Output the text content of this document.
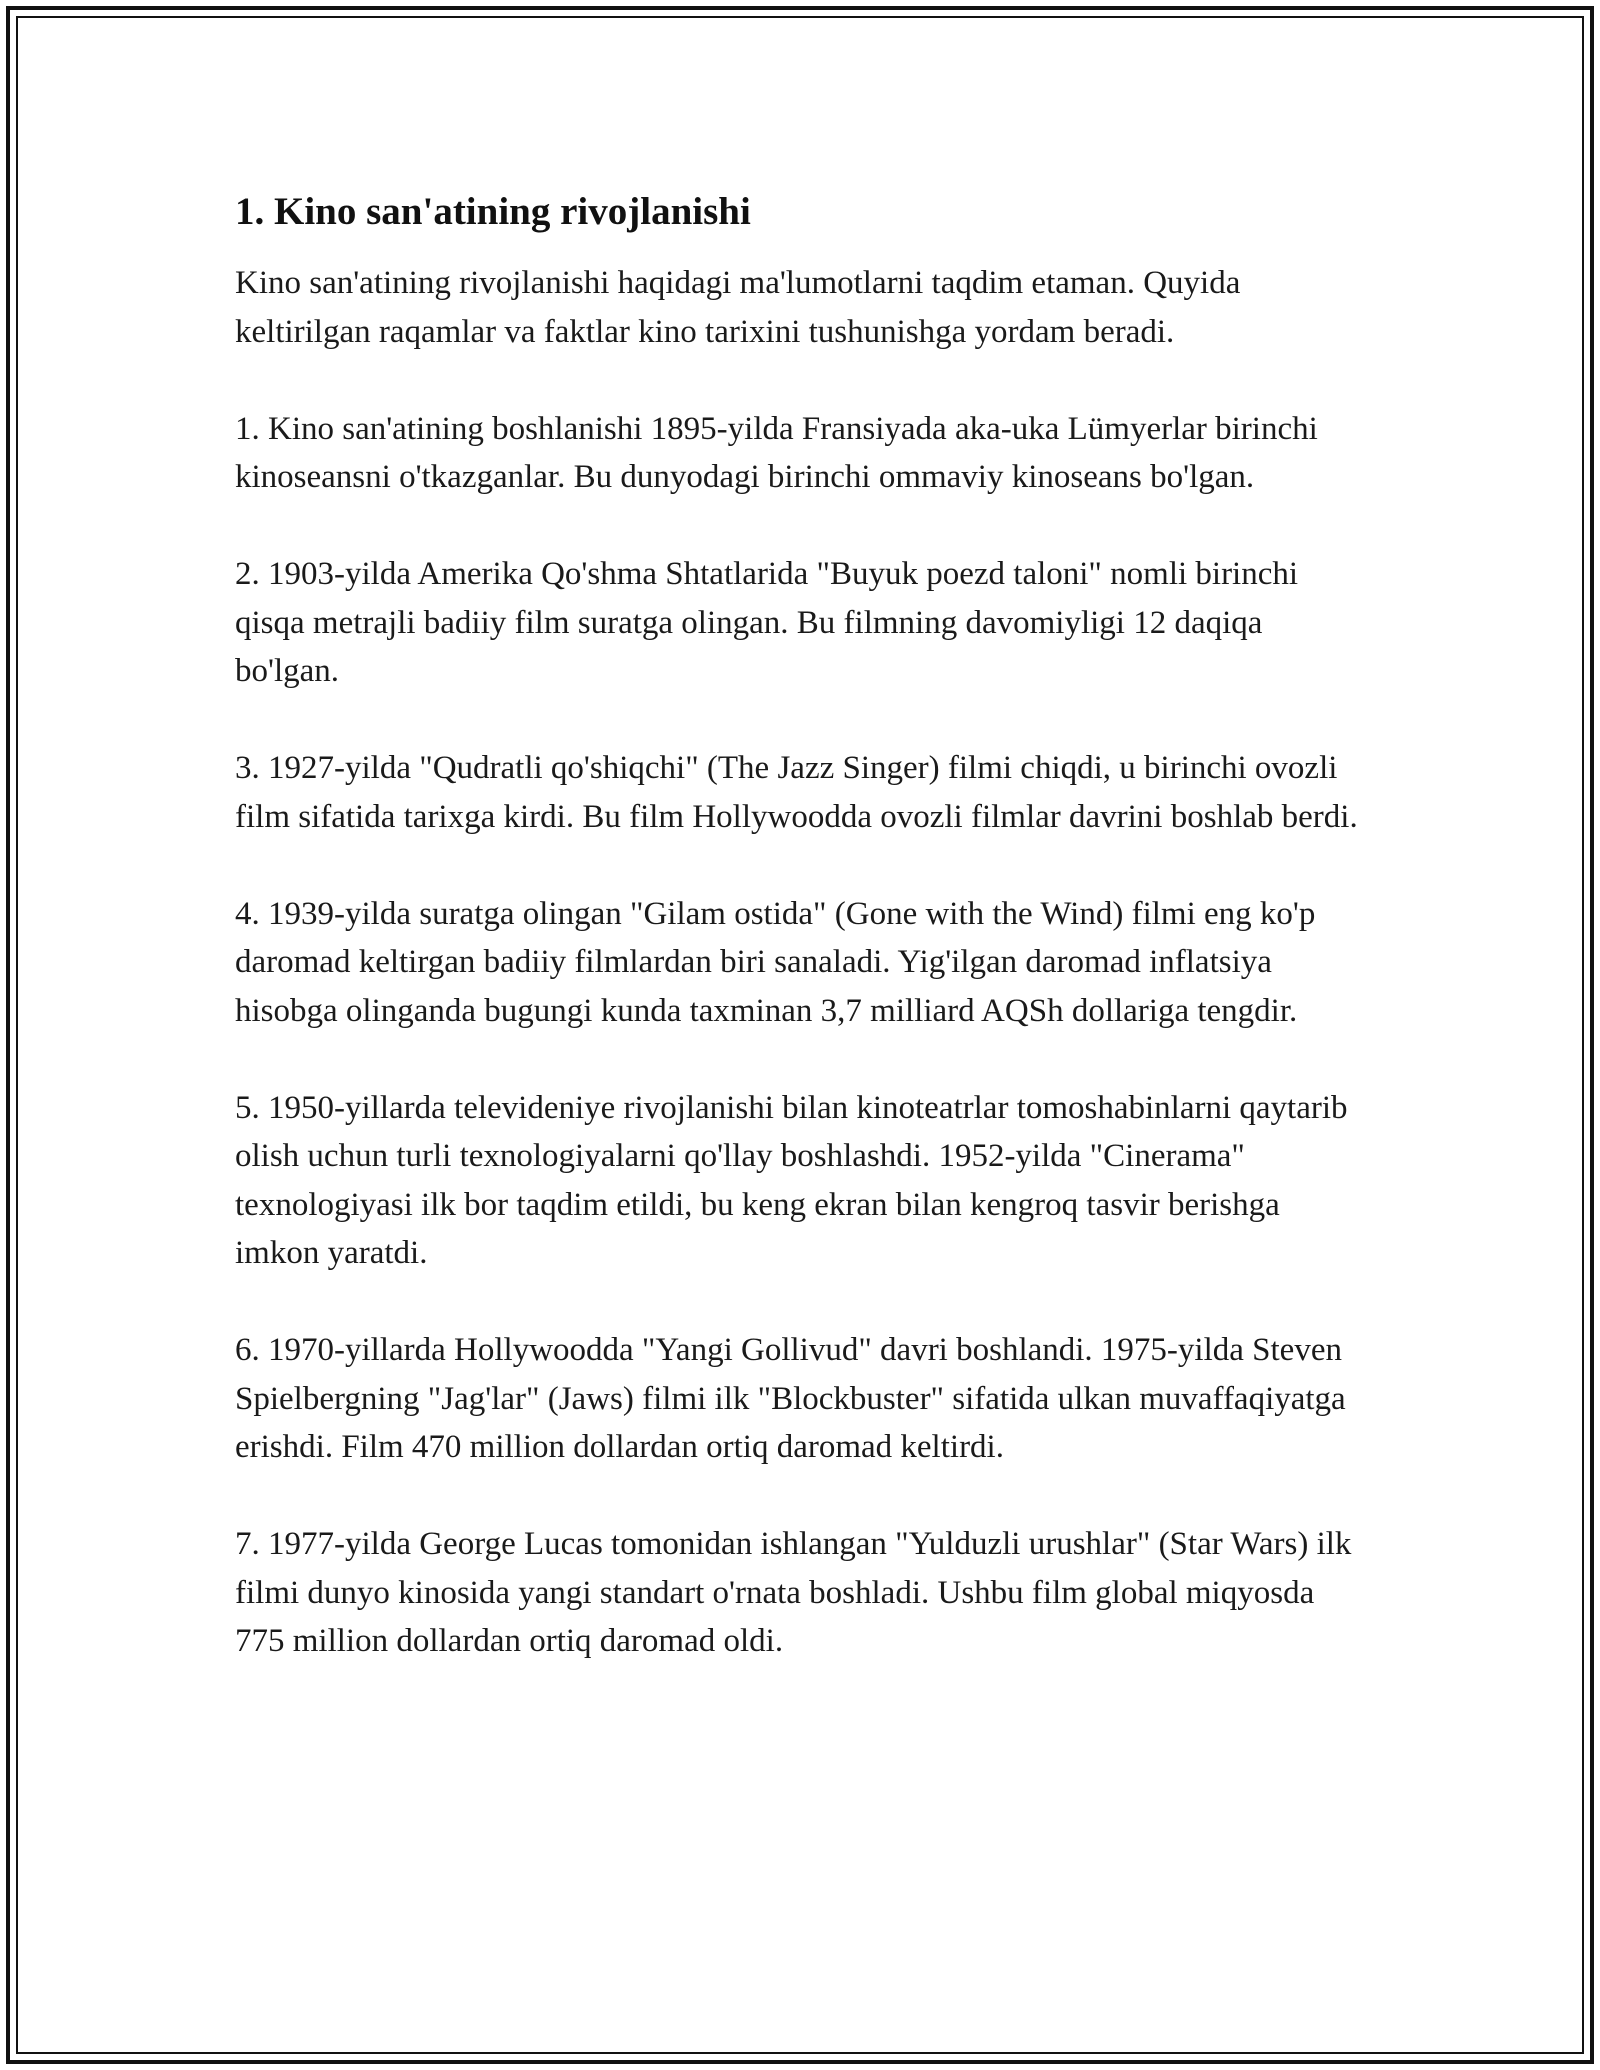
1. Kino san'atining rivojlanishi

Kino san'atining rivojlanishi haqidagi ma'lumotlarni taqdim etaman. Quyida keltirilgan raqamlar va faktlar kino tarixini tushunishga yordam beradi.

1. Kino san'atining boshlanishi 1895-yilda Fransiyada aka-uka Lümyerlar birinchi kinoseansni o'tkazganlar. Bu dunyodagi birinchi ommaviy kinoseans bo'lgan.

2. 1903-yilda Amerika Qo'shma Shtatlarida "Buyuk poezd taloni" nomli birinchi qisqa metrajli badiiy film suratga olingan. Bu filmning davomiyligi 12 daqiqa bo'lgan.

3. 1927-yilda "Qudratli qo'shiqchi" (The Jazz Singer) filmi chiqdi, u birinchi ovozli film sifatida tarixga kirdi. Bu film Hollywoodda ovozli filmlar davrini boshlab berdi.

4. 1939-yilda suratga olingan "Gilam ostida" (Gone with the Wind) filmi eng ko'p daromad keltirgan badiiy filmlardan biri sanaladi. Yig'ilgan daromad inflatsiya hisobga olinganda bugungi kunda taxminan 3,7 milliard AQSh dollariga tengdir.

5. 1950-yillarda televideniye rivojlanishi bilan kinoteatrlar tomoshabinlarni qaytarib olish uchun turli texnologiyalarni qo'llay boshlashdi. 1952-yilda "Cinerama" texnologiyasi ilk bor taqdim etildi, bu keng ekran bilan kengroq tasvir berishga imkon yaratdi.

6. 1970-yillarda Hollywoodda "Yangi Gollivud" davri boshlandi. 1975-yilda Steven Spielbergning "Jag'lar" (Jaws) filmi ilk "Blockbuster" sifatida ulkan muvaffaqiyatga erishdi. Film 470 million dollardan ortiq daromad keltirdi.

7. 1977-yilda George Lucas tomonidan ishlangan "Yulduzli urushlar" (Star Wars) ilk filmi dunyo kinosida yangi standart o'rnata boshladi. Ushbu film global miqyosda 775 million dollardan ortiq daromad oldi.
